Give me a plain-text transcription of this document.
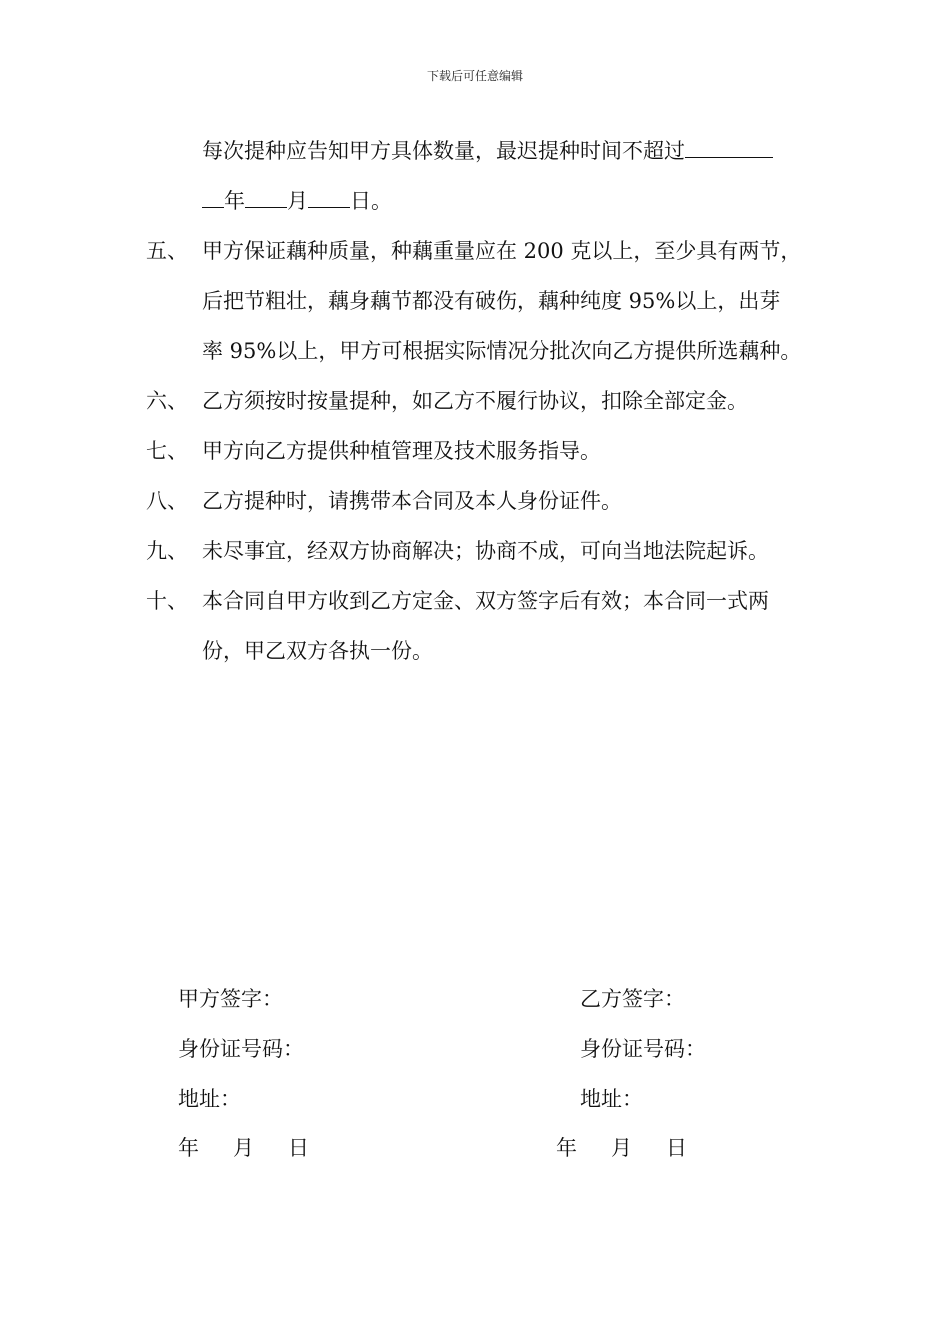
下载后可任意编辑
每次提种应告知甲方具体数量，最迟提种时间不超过
年 月 日。
五、 甲方保证藕种质量，种藕重量应在 200 克以上，至少具有两节，
后把节粗壮，藕身藕节都没有破伤，藕种纯度 95%以上，出芽
率 95%以上，甲方可根据实际情况分批次向乙方提供所选藕种。
六、 乙方须按时按量提种，如乙方不履行协议，扣除全部定金。
七、 甲方向乙方提供种植管理及技术服务指导。
八、 乙方提种时，请携带本合同及本人身份证件。
九、 未尽事宜，经双方协商解决；协商不成，可向当地法院起诉。
十、 本合同自甲方收到乙方定金、双方签字后有效；本合同一式两
份，甲乙双方各执一份。
甲方签字：
身份证号码：
地址：
乙方签字：
身份证号码：
地址：
年 月 日	年 月 日
